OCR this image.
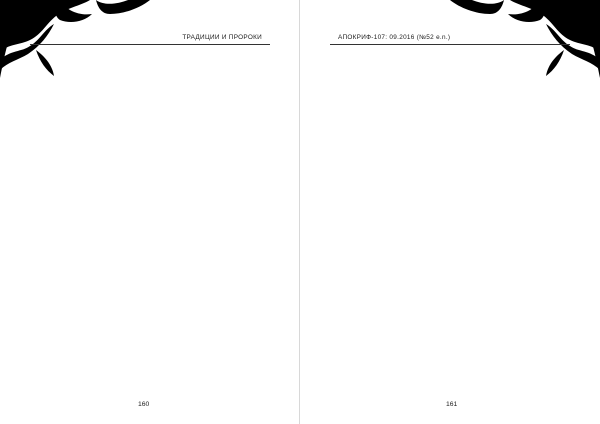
ТРАДИЦИИ И ПРОРОКИ
160
АПОКРИФ-107: 09.2016 (№52 e.n.)
161
